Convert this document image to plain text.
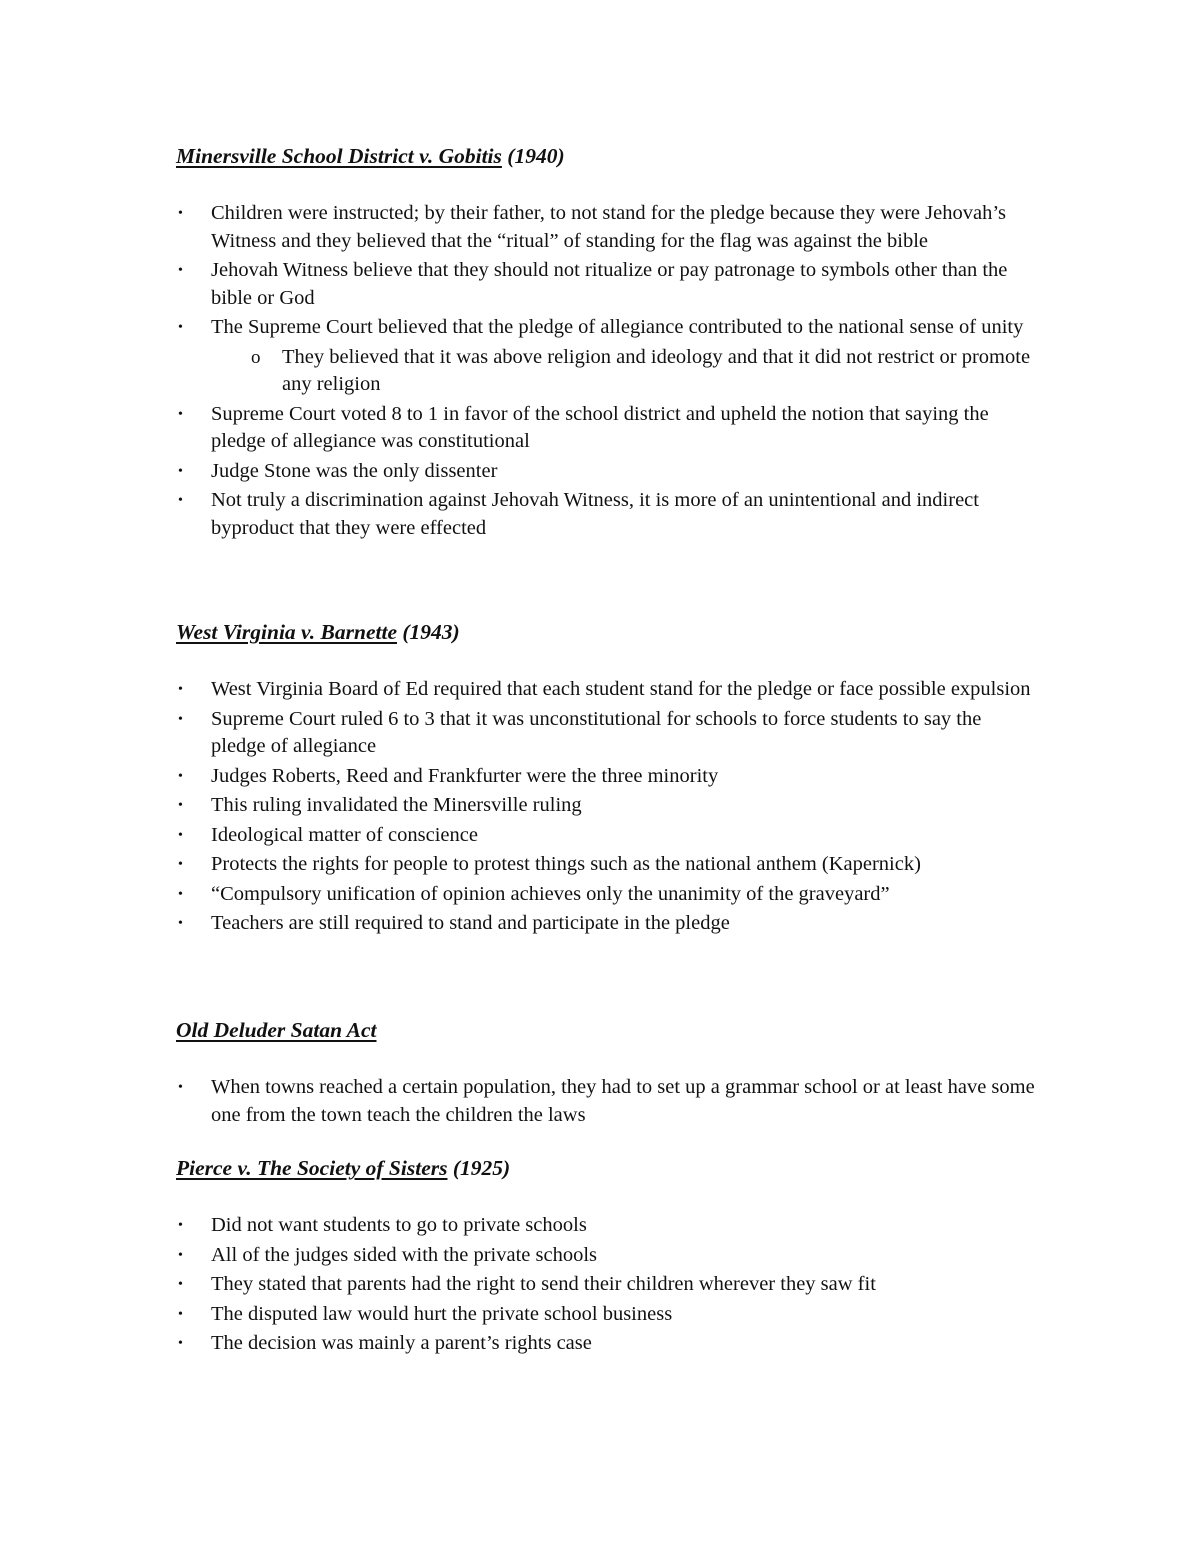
Minersville School District v. Gobitis (1940)

• Children were instructed; by their father, to not stand for the pledge because they were Jehovah’s Witness and they believed that the “ritual” of standing for the flag was against the bible
• Jehovah Witness believe that they should not ritualize or pay patronage to symbols other than the bible or God
• The Supreme Court believed that the pledge of allegiance contributed to the national sense of unity
o	They believed that it was above religion and ideology and that it did not restrict or promote any religion
• Supreme Court voted 8 to 1 in favor of the school district and upheld the notion that saying the pledge of allegiance was constitutional
• Judge Stone was the only dissenter
• Not truly a discrimination against Jehovah Witness, it is more of an unintentional and indirect byproduct that they were effected

West Virginia v. Barnette (1943)

• West Virginia Board of Ed required that each student stand for the pledge or face possible expulsion
• Supreme Court ruled 6 to 3 that it was unconstitutional for schools to force students to say the pledge of allegiance
• Judges Roberts, Reed and Frankfurter were the three minority
• This ruling invalidated the Minersville ruling
• Ideological matter of conscience
• Protects the rights for people to protest things such as the national anthem (Kapernick)
• “Compulsory unification of opinion achieves only the unanimity of the graveyard”
• Teachers are still required to stand and participate in the pledge

Old Deluder Satan Act

• When towns reached a certain population, they had to set up a grammar school or at least have some one from the town teach the children the laws

Pierce v. The Society of Sisters (1925)

• Did not want students to go to private schools
• All of the judges sided with the private schools
• They stated that parents had the right to send their children wherever they saw fit
• The disputed law would hurt the private school business
• The decision was mainly a parent’s rights case
